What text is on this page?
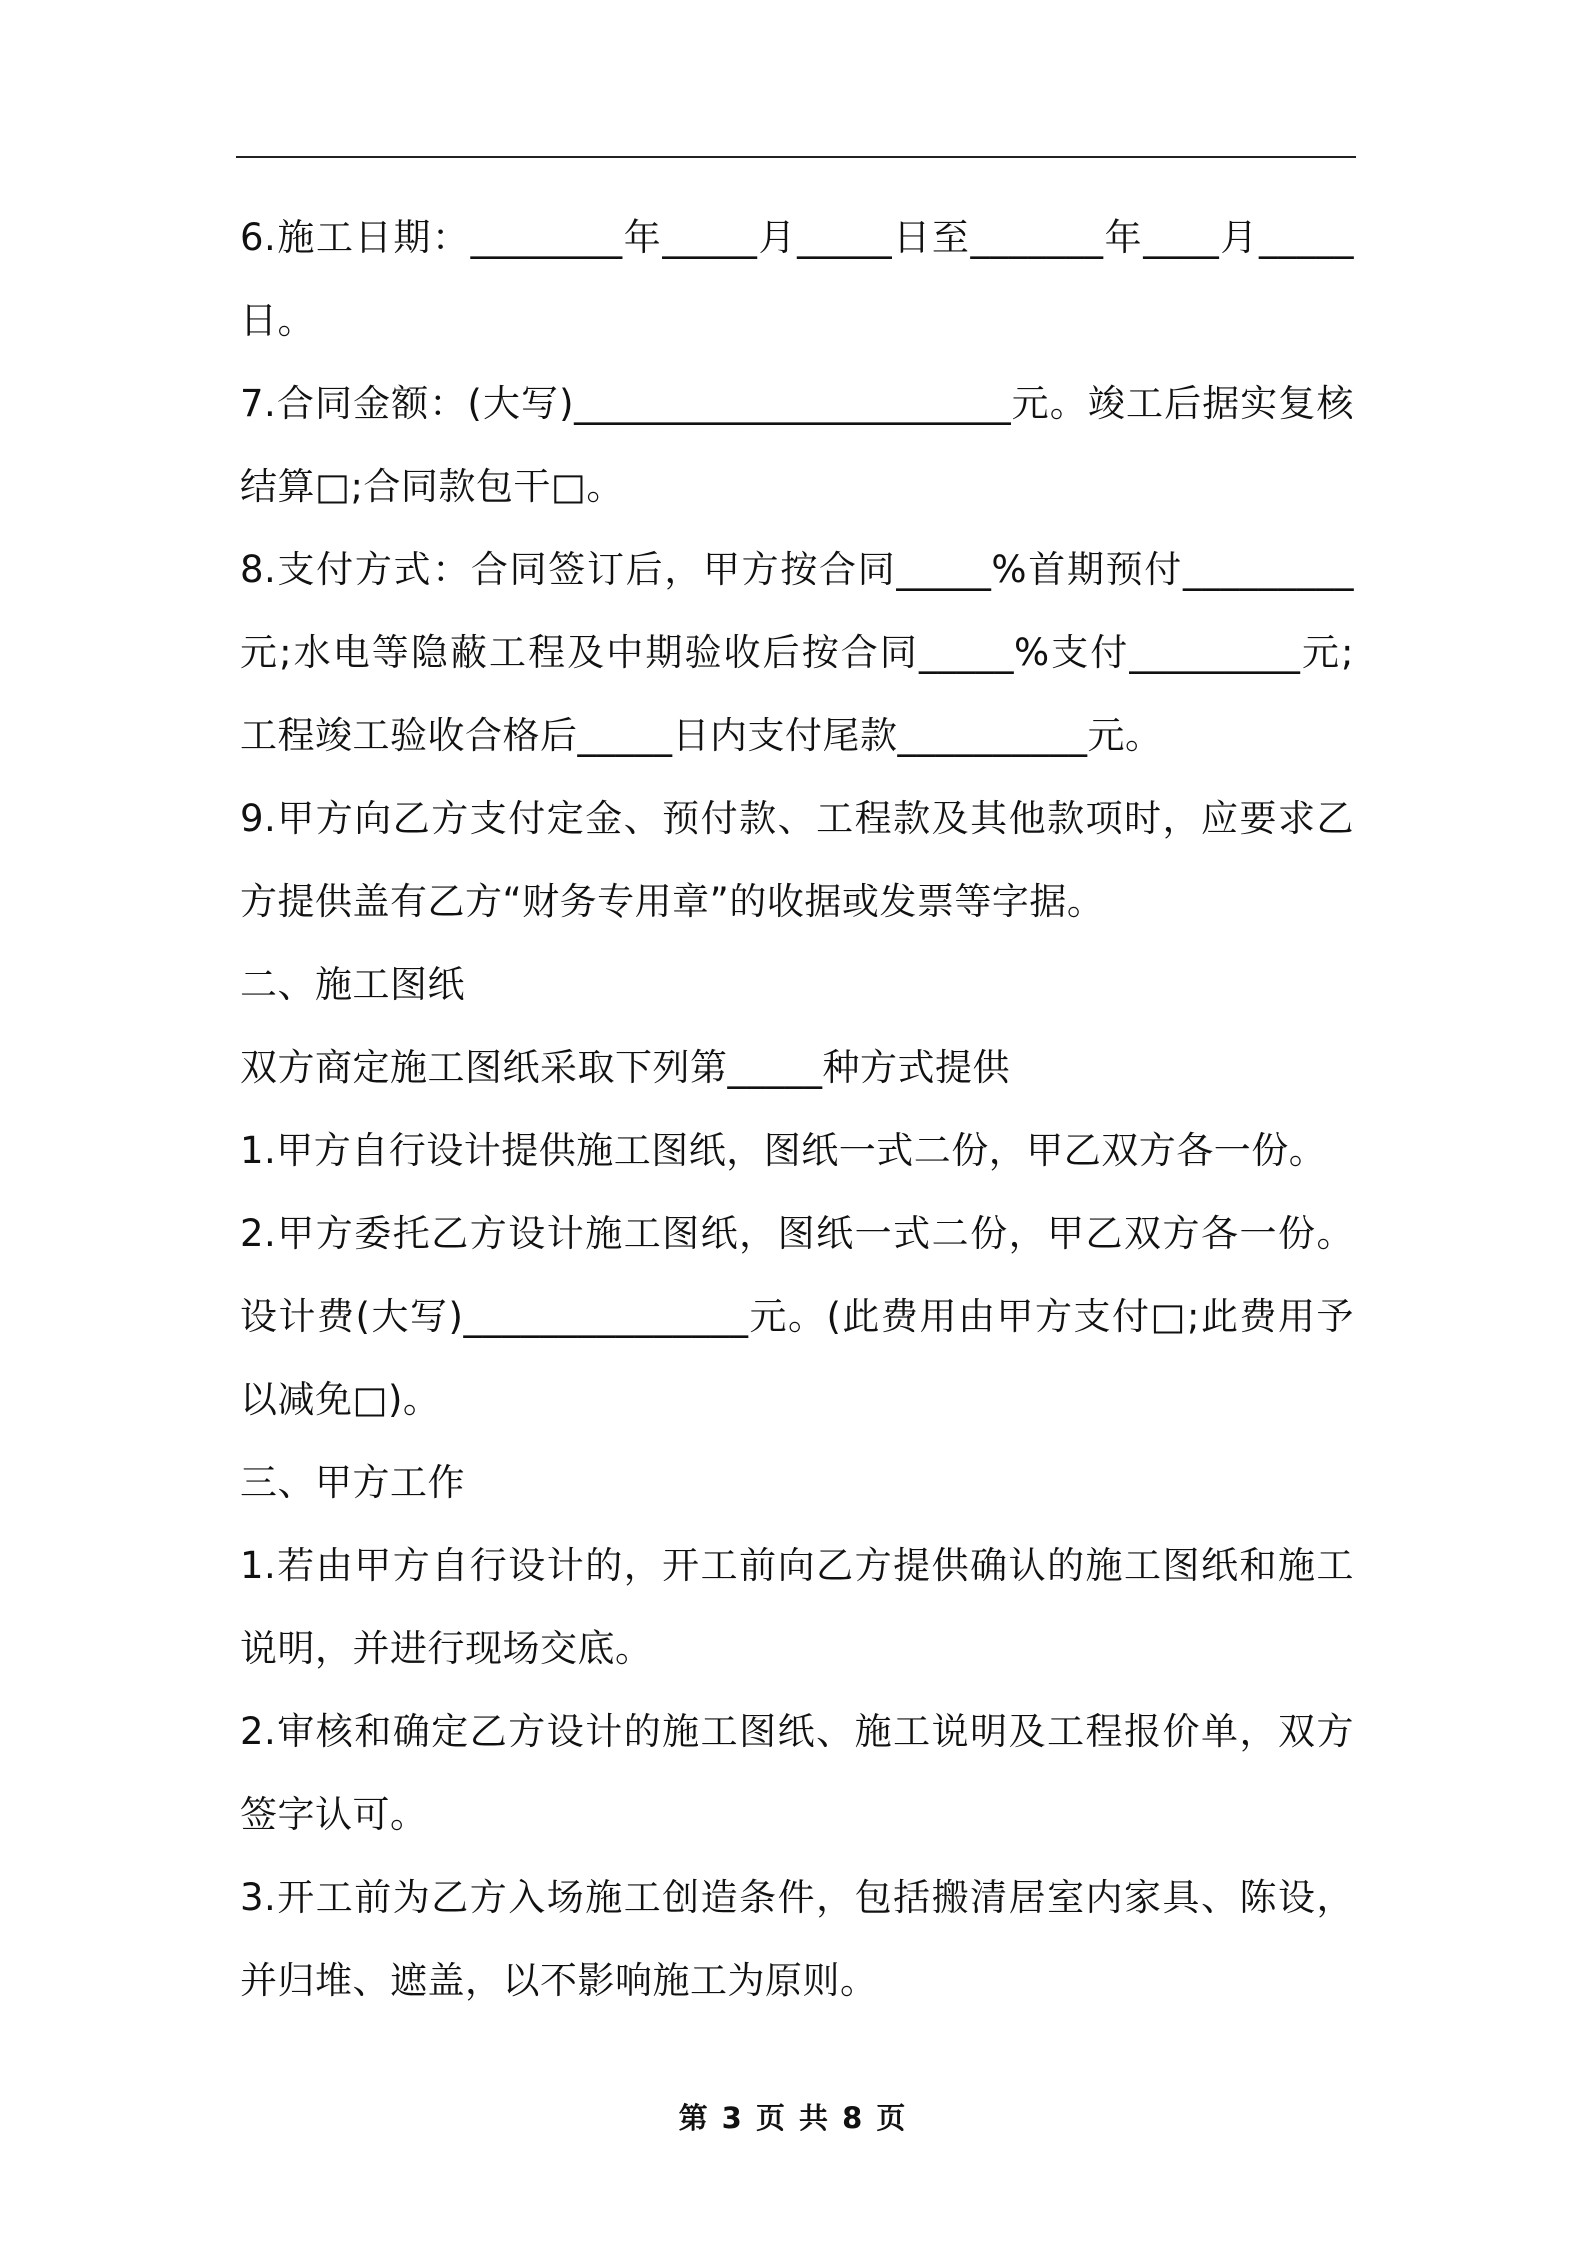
6.施工日期：________年_____月_____日至_______年____月_____日。

7.合同金额：(大写)_______________________元。竣工后据实复核结算□;合同款包干□。

8.支付方式：合同签订后，甲方按合同_____%首期预付_________元;水电等隐蔽工程及中期验收后按合同_____%支付_________元;工程竣工验收合格后_____日内支付尾款__________元。

9.甲方向乙方支付定金、预付款、工程款及其他款项时，应要求乙方提供盖有乙方“财务专用章”的收据或发票等字据。

二、施工图纸

双方商定施工图纸采取下列第_____种方式提供

1.甲方自行设计提供施工图纸，图纸一式二份，甲乙双方各一份。

2.甲方委托乙方设计施工图纸，图纸一式二份，甲乙双方各一份。设计费(大写)_______________元。(此费用由甲方支付□;此费用予以减免□)。

三、甲方工作

1.若由甲方自行设计的，开工前向乙方提供确认的施工图纸和施工说明，并进行现场交底。

2.审核和确定乙方设计的施工图纸、施工说明及工程报价单，双方签字认可。

3.开工前为乙方入场施工创造条件，包括搬清居室内家具、陈设，并归堆、遮盖，以不影响施工为原则。

第 3 页 共 8 页
